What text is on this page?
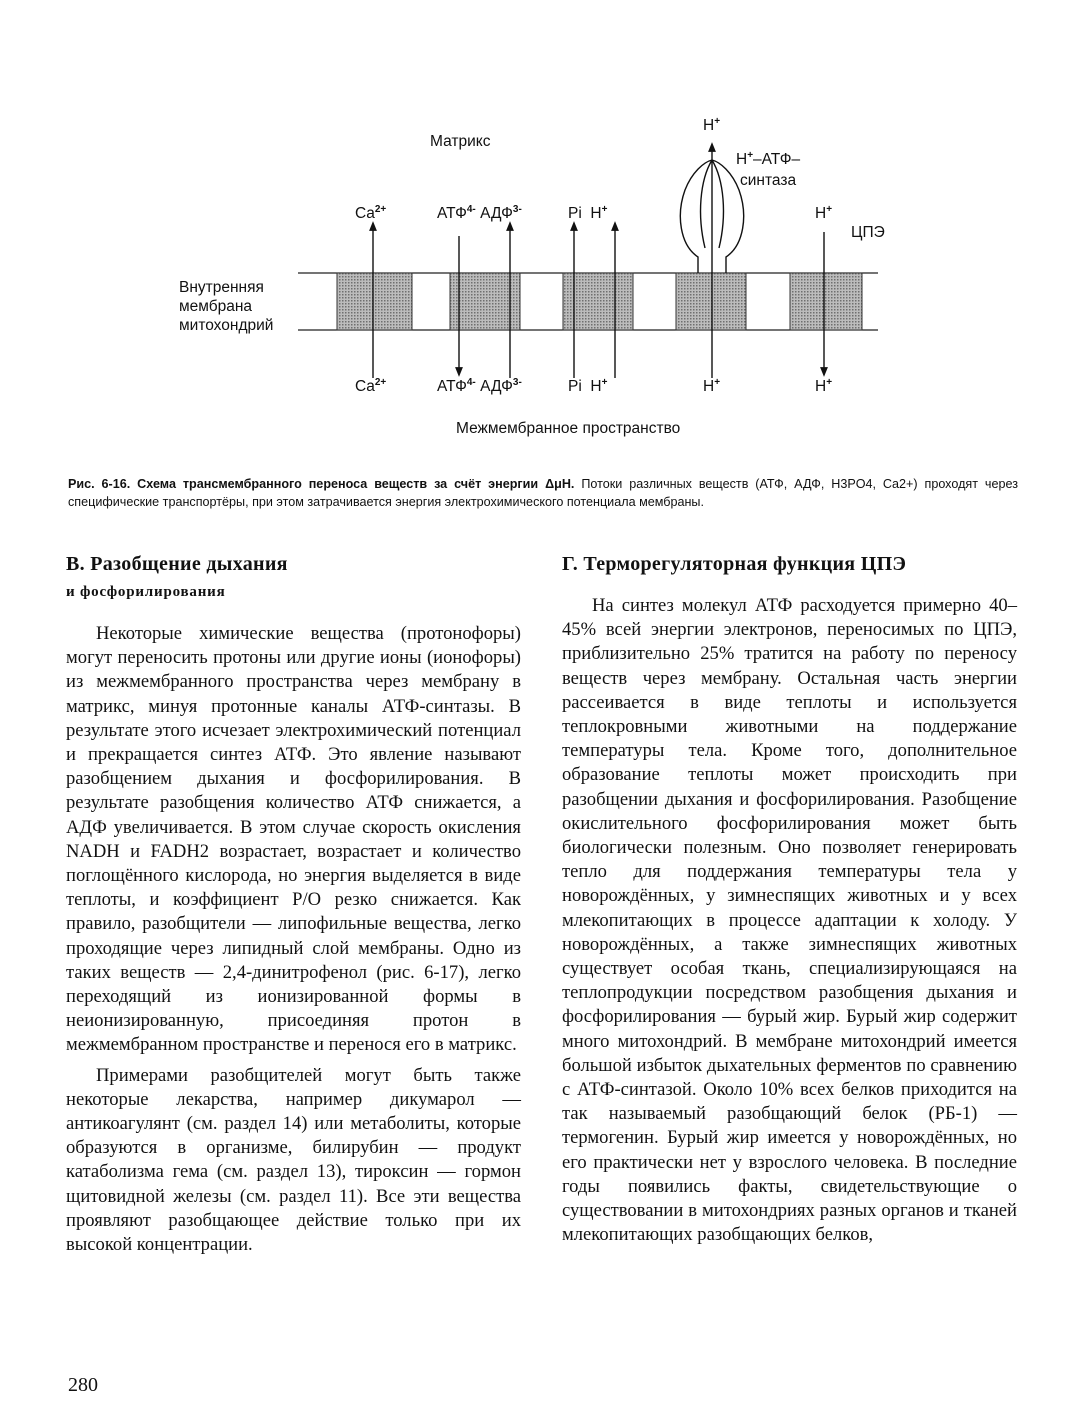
Матрикс
H+
H+–АТФ–
синтаза
$Ca^{2+}$	$АТФ^{4-}$ $АДФ^{3-}$	Pi  H+	H+
ЦПЭ
Внутренняя мембрана митохондрий
$Ca^{2+}$	$АТФ^{4-}$ $АДФ^{3-}$	Pi  H+	H+	H+
Межмембранное пространство
Рис. 6-16. Схема трансмембранного переноса веществ за счёт энергии ΔμH. Потоки различных веществ (АТФ, АДФ, H3PO4, Ca2+) проходят через специфические транспортёры, при этом затрачивается энергия электрохимического потенциала мембраны.
В. Разобщение дыхания
и фосфорилирования

Некоторые химические вещества (протонофоры) могут переносить протоны или другие ионы (ионофоры) из межмембранного пространства через мембрану в матрикс, минуя протонные каналы АТФ-синтазы. В результате этого исчезает электрохимический потенциал и прекращается синтез АТФ. Это явление называют разобщением дыхания и фосфорилирования. В результате разобщения количество АТФ снижается, а АДФ увеличивается. В этом случае скорость окисления NADH и FADH2 возрастает, возрастает и количество поглощённого кислорода, но энергия выделяется в виде теплоты, и коэффициент Р/О резко снижается. Как правило, разобщители — липофильные вещества, легко проходящие через липидный слой мембраны. Одно из таких веществ — 2,4-динитрофенол (рис. 6-17), легко переходящий из ионизированной формы в неионизированную, присоединяя протон в межмембранном пространстве и перенося его в матрикс.

Примерами разобщителей могут быть также некоторые лекарства, например дикумарол — антикоагулянт (см. раздел 14) или метаболиты, которые образуются в организме, билирубин — продукт катаболизма гема (см. раздел 13), тироксин — гормон щитовидной железы (см. раздел 11). Все эти вещества проявляют разобщающее действие только при их высокой концентрации.

Г. Терморегуляторная функция ЦПЭ

На синтез молекул АТФ расходуется примерно 40–45% всей энергии электронов, переносимых по ЦПЭ, приблизительно 25% тратится на работу по переносу веществ через мембрану. Остальная часть энергии рассеивается в виде теплоты и используется теплокровными животными на поддержание температуры тела. Кроме того, дополнительное образование теплоты может происходить при разобщении дыхания и фосфорилирования. Разобщение окислительного фосфорилирования может быть биологически полезным. Оно позволяет генерировать тепло для поддержания температуры тела у новорождённых, у зимнеспящих животных и у всех млекопитающих в процессе адаптации к холоду. У новорождённых, а также зимнеспящих животных существует особая ткань, специализирующаяся на теплопродукции посредством разобщения дыхания и фосфорилирования — бурый жир. Бурый жир содержит много митохондрий. В мембране митохондрий имеется большой избыток дыхательных ферментов по сравнению с АТФ-синтазой. Около 10% всех белков приходится на так называемый разобщающий белок (РБ-1) — термогенин. Бурый жир имеется у новорождённых, но его практически нет у взрослого человека. В последние годы появились факты, свидетельствующие о существовании в митохондриях разных органов и тканей млекопитающих разобщающих белков,

280
